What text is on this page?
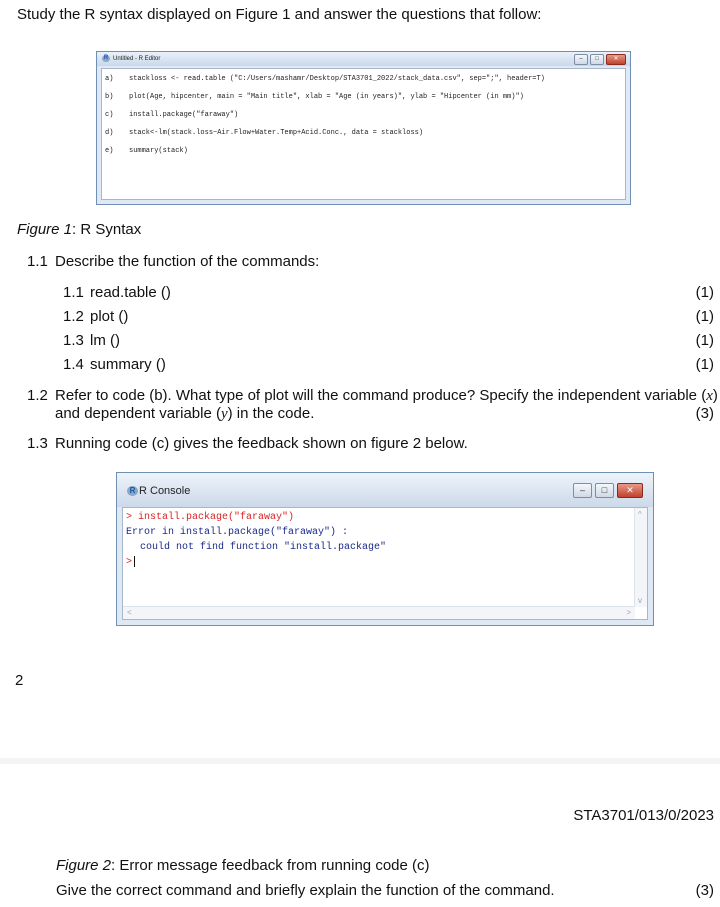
Study the R syntax displayed on Figure 1 and answer the questions that follow:
R Untitled - R Editor	–	□	✕
a)	stackloss <- read.table ("C:/Users/mashamr/Desktop/STA3701_2022/stack_data.csv", sep=";", header=T)
b)	plot(Age, hipcenter, main = "Main title", xlab = "Age (in years)", ylab = "Hipcenter (in mm)")
c)	install.package("faraway")
d)	stack<-lm(stack.loss~Air.Flow+Water.Temp+Acid.Conc., data = stackloss)
e)	summary(stack)
Figure 1: R Syntax
1.1 Describe the function of the commands:
1.1 read.table ()	(1)
1.2 plot ()	(1)
1.3 lm ()	(1)
1.4 summary ()	(1)
1.2 Refer to code (b). What type of plot will the command produce? Specify the independent variable (x)
and dependent variable (y) in the code.	(3)
1.3 Running code (c) gives the feedback shown on figure 2 below.
R R Console	–	□	✕
> install.package("faraway")
Error in install.package("faraway") :
could not find function "install.package"
>
^
v
<	>
2
STA3701/013/0/2023
Figure 2: Error message feedback from running code (c)
Give the correct command and briefly explain the function of the command.	(3)
